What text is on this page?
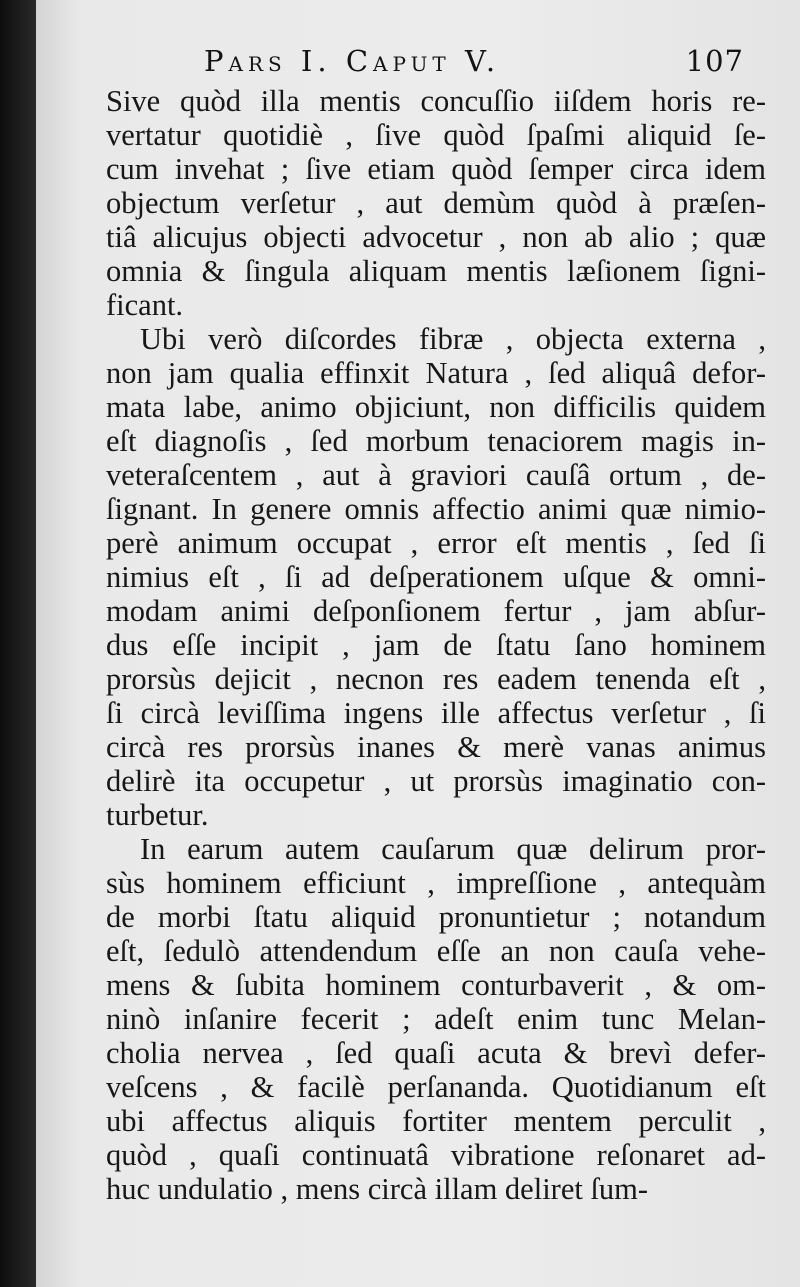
Pars I. Caput V.	107
Sive quòd illa mentis concuſſio iiſdem horis re-
vertatur quotidiè , ſive quòd ſpaſmi aliquid ſe-
cum invehat ; ſive etiam quòd ſemper circa idem
objectum verſetur , aut demùm quòd à præſen-
tiâ alicujus objecti advocetur , non ab alio ; quæ
omnia & ſingula aliquam mentis læſionem ſigni-
ficant.
Ubi verò diſcordes fibræ , objecta externa ,
non jam qualia effinxit Natura , ſed aliquâ defor-
mata labe, animo objiciunt, non difficilis quidem
eſt diagnoſis , ſed morbum tenaciorem magis in-
veteraſcentem , aut à graviori cauſâ ortum , de-
ſignant. In genere omnis affectio animi quæ nimio-
perè animum occupat , error eſt mentis , ſed ſi
nimius eſt , ſi ad deſperationem uſque & omni-
modam animi deſponſionem fertur , jam abſur-
dus eſſe incipit , jam de ſtatu ſano hominem
prorsùs dejicit , necnon res eadem tenenda eſt ,
ſi circà leviſſima ingens ille affectus verſetur , ſi
circà res prorsùs inanes & merè vanas animus
delirè ita occupetur , ut prorsùs imaginatio con-
turbetur.
In earum autem cauſarum quæ delirum pror-
sùs hominem efficiunt , impreſſione , antequàm
de morbi ſtatu aliquid pronuntietur ; notandum
eſt, ſedulò attendendum eſſe an non cauſa vehe-
mens & ſubita hominem conturbaverit , & om-
ninò inſanire fecerit ; adeſt enim tunc Melan-
cholia nervea , ſed quaſi acuta & brevì defer-
veſcens , & facilè perſananda. Quotidianum eſt
ubi affectus aliquis fortiter mentem perculit ,
quòd , quaſi continuatâ vibratione reſonaret ad-
huc undulatio , mens circà illam deliret ſum-
